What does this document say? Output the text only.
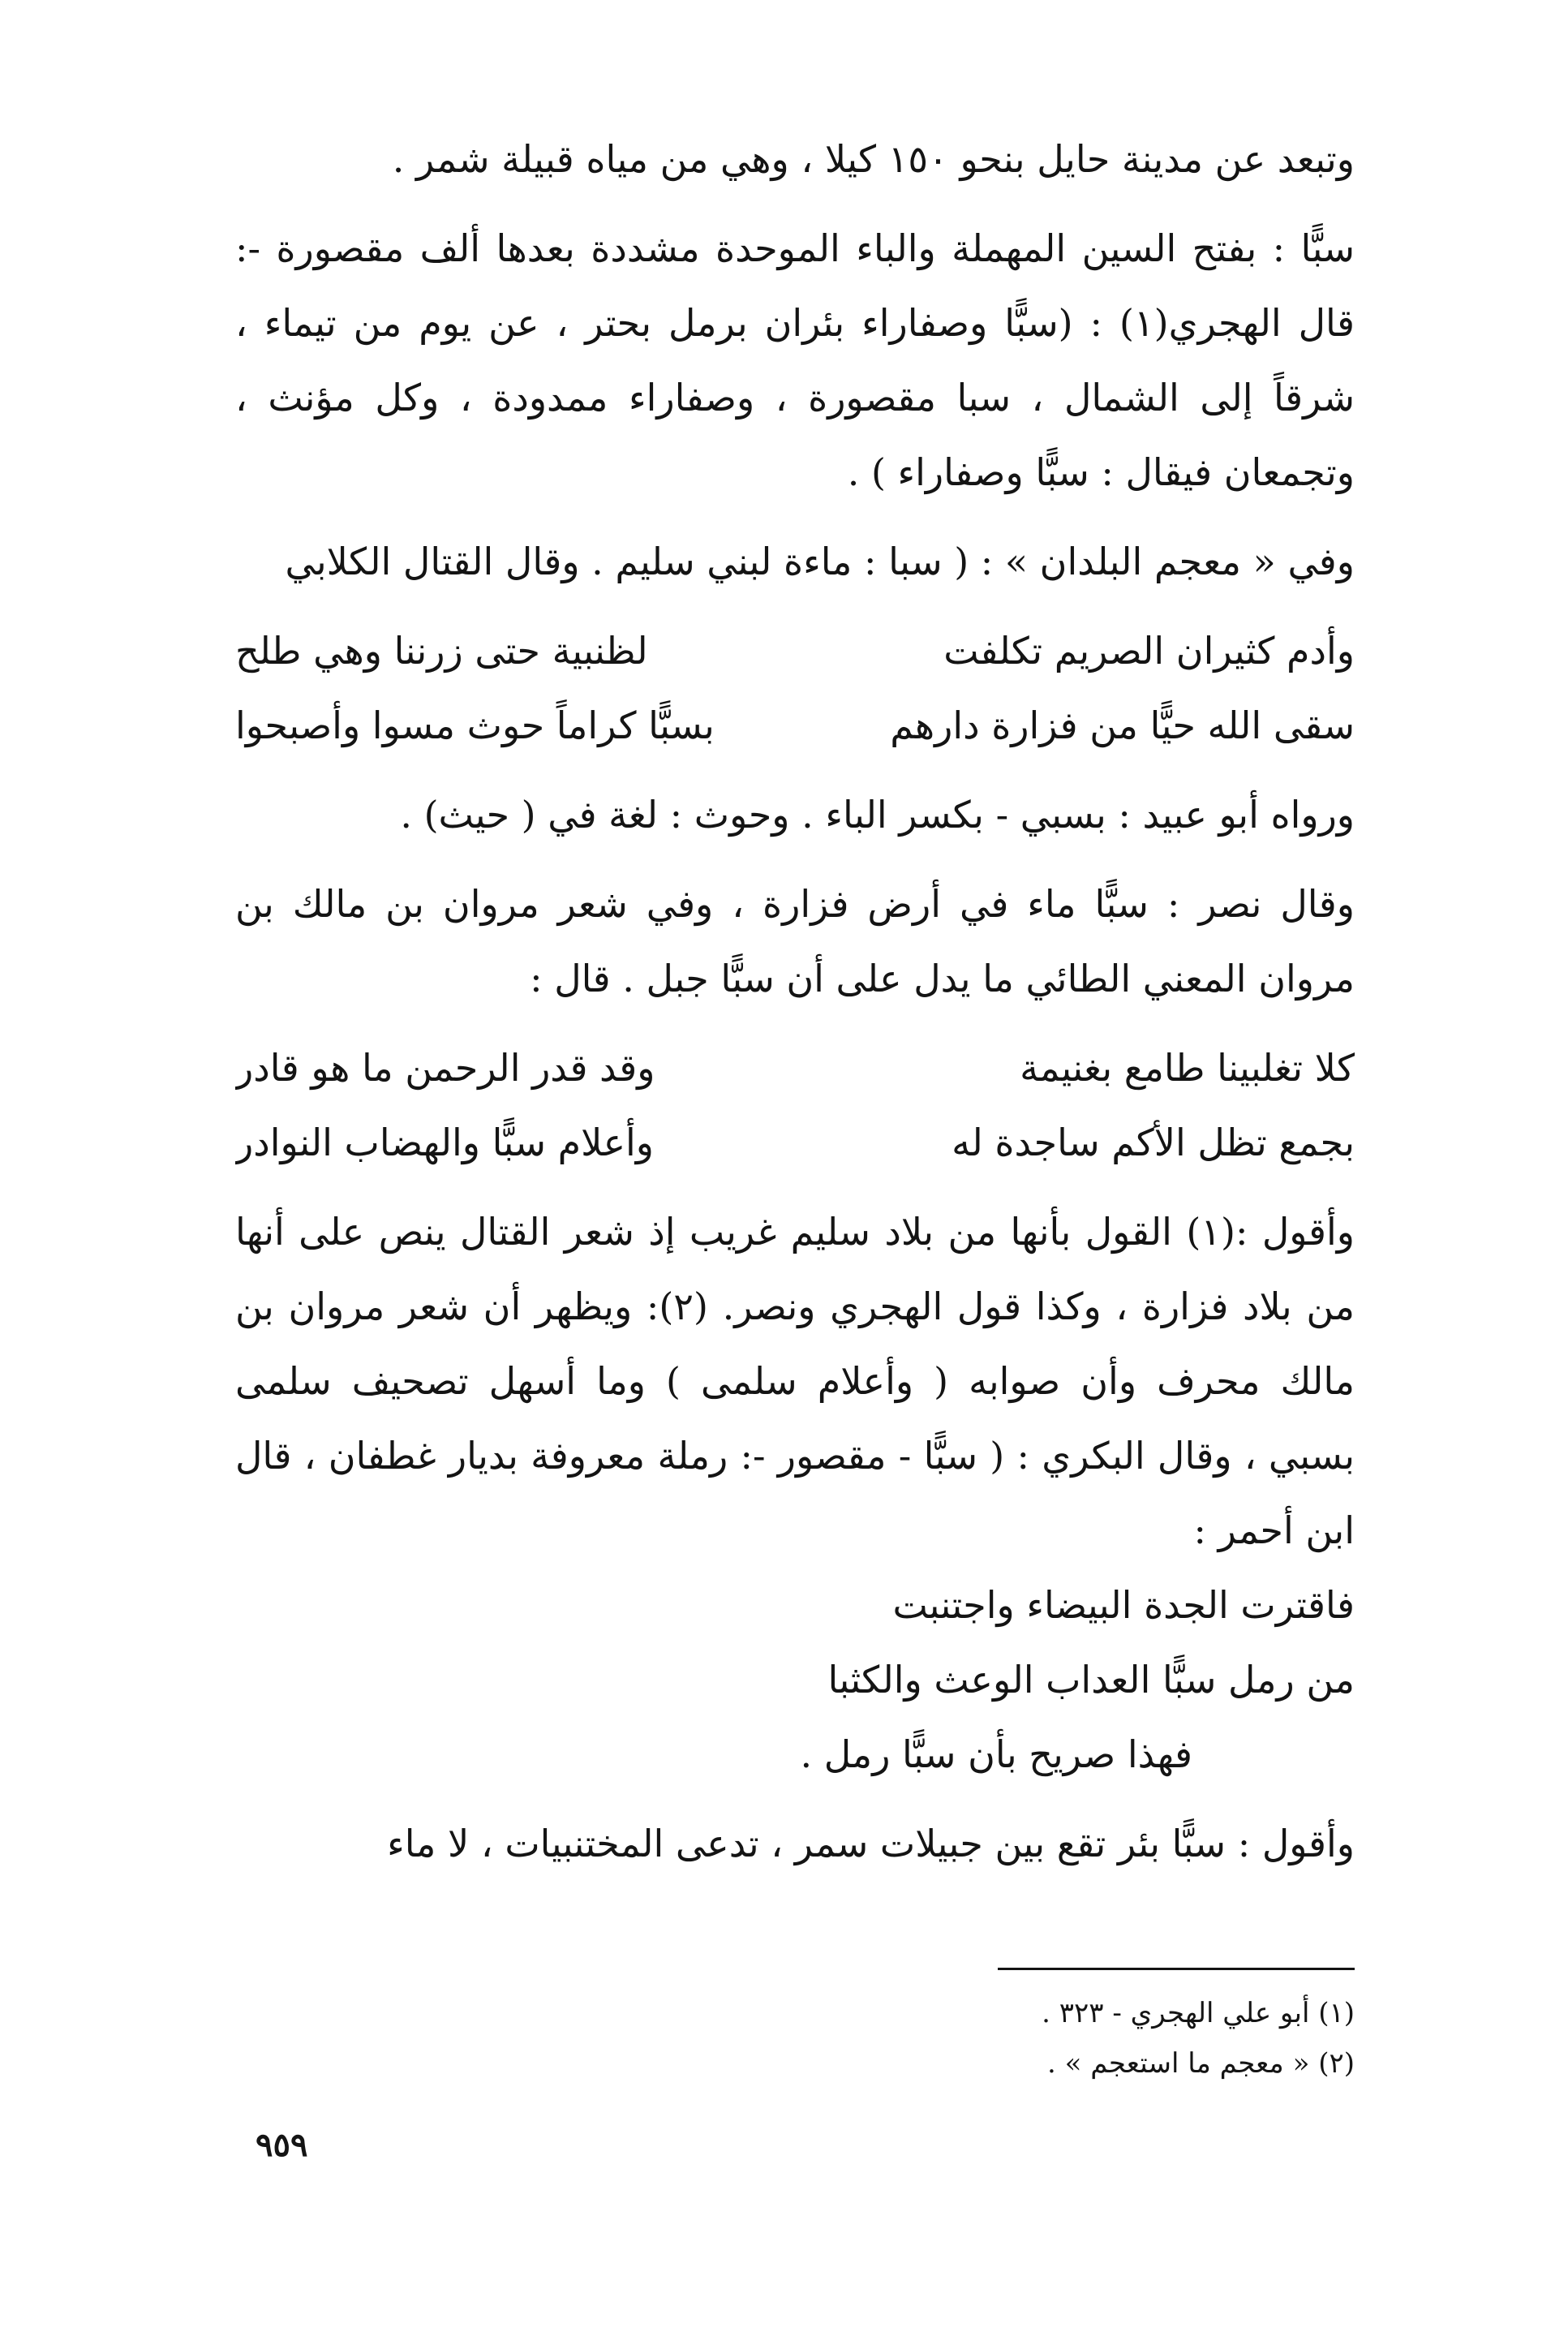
وتبعد عن مدينة حايل بنحو ١٥٠ كيلا ، وهي من مياه قبيلة شمر .

سبًّا : بفتح السين المهملة والباء الموحدة مشددة بعدها ألف مقصورة -: قال الهجري(١) : (سبًّا وصفاراء بئران برمل بحتر ، عن يوم من تيماء ، شرقاً إلى الشمال ، سبا مقصورة ، وصفاراء ممدودة ، وكل مؤنث ، وتجمعان فيقال : سبًّا وصفاراء ) .

وفي « معجم البلدان » : ( سبا : ماءة لبني سليم . وقال القتال الكلابي

وأدم كثيران الصريم تكلفت
لظنبية حتى زرننا وهي طلح
سقى الله حيًّا من فزارة دارهم
بسبًّا كراماً حوث مسوا وأصبحوا

ورواه أبو عبيد : بسبي - بكسر الباء . وحوث : لغة في ( حيث) .

وقال نصر : سبًّا ماء في أرض فزارة ، وفي شعر مروان بن مالك بن مروان المعني الطائي ما يدل على أن سبًّا جبل . قال :

كلا تغلبينا طامع بغنيمة
وقد قدر الرحمن ما هو قادر
بجمع تظل الأكم ساجدة له
وأعلام سبًّا والهضاب النوادر

وأقول :(١) القول بأنها من بلاد سليم غريب إذ شعر القتال ينص على أنها من بلاد فزارة ، وكذا قول الهجري ونصر. (٢): ويظهر أن شعر مروان بن مالك محرف وأن صوابه ( وأعلام سلمى ) وما أسهل تصحيف سلمى بسبي ، وقال البكري : ( سبًّا - مقصور -: رملة معروفة بديار غطفان ، قال ابن أحمر :

فاقترت الجدة البيضاء واجتنبت
من رمل سبًّا العداب الوعث والكثبا

فهذا صريح بأن سبًّا رمل .

وأقول : سبًّا بئر تقع بين جبيلات سمر ، تدعى المختنبيات ، لا ماء

(١) أبو علي الهجري - ٣٢٣ .

(٢) « معجم ما استعجم » .

٩٥٩
